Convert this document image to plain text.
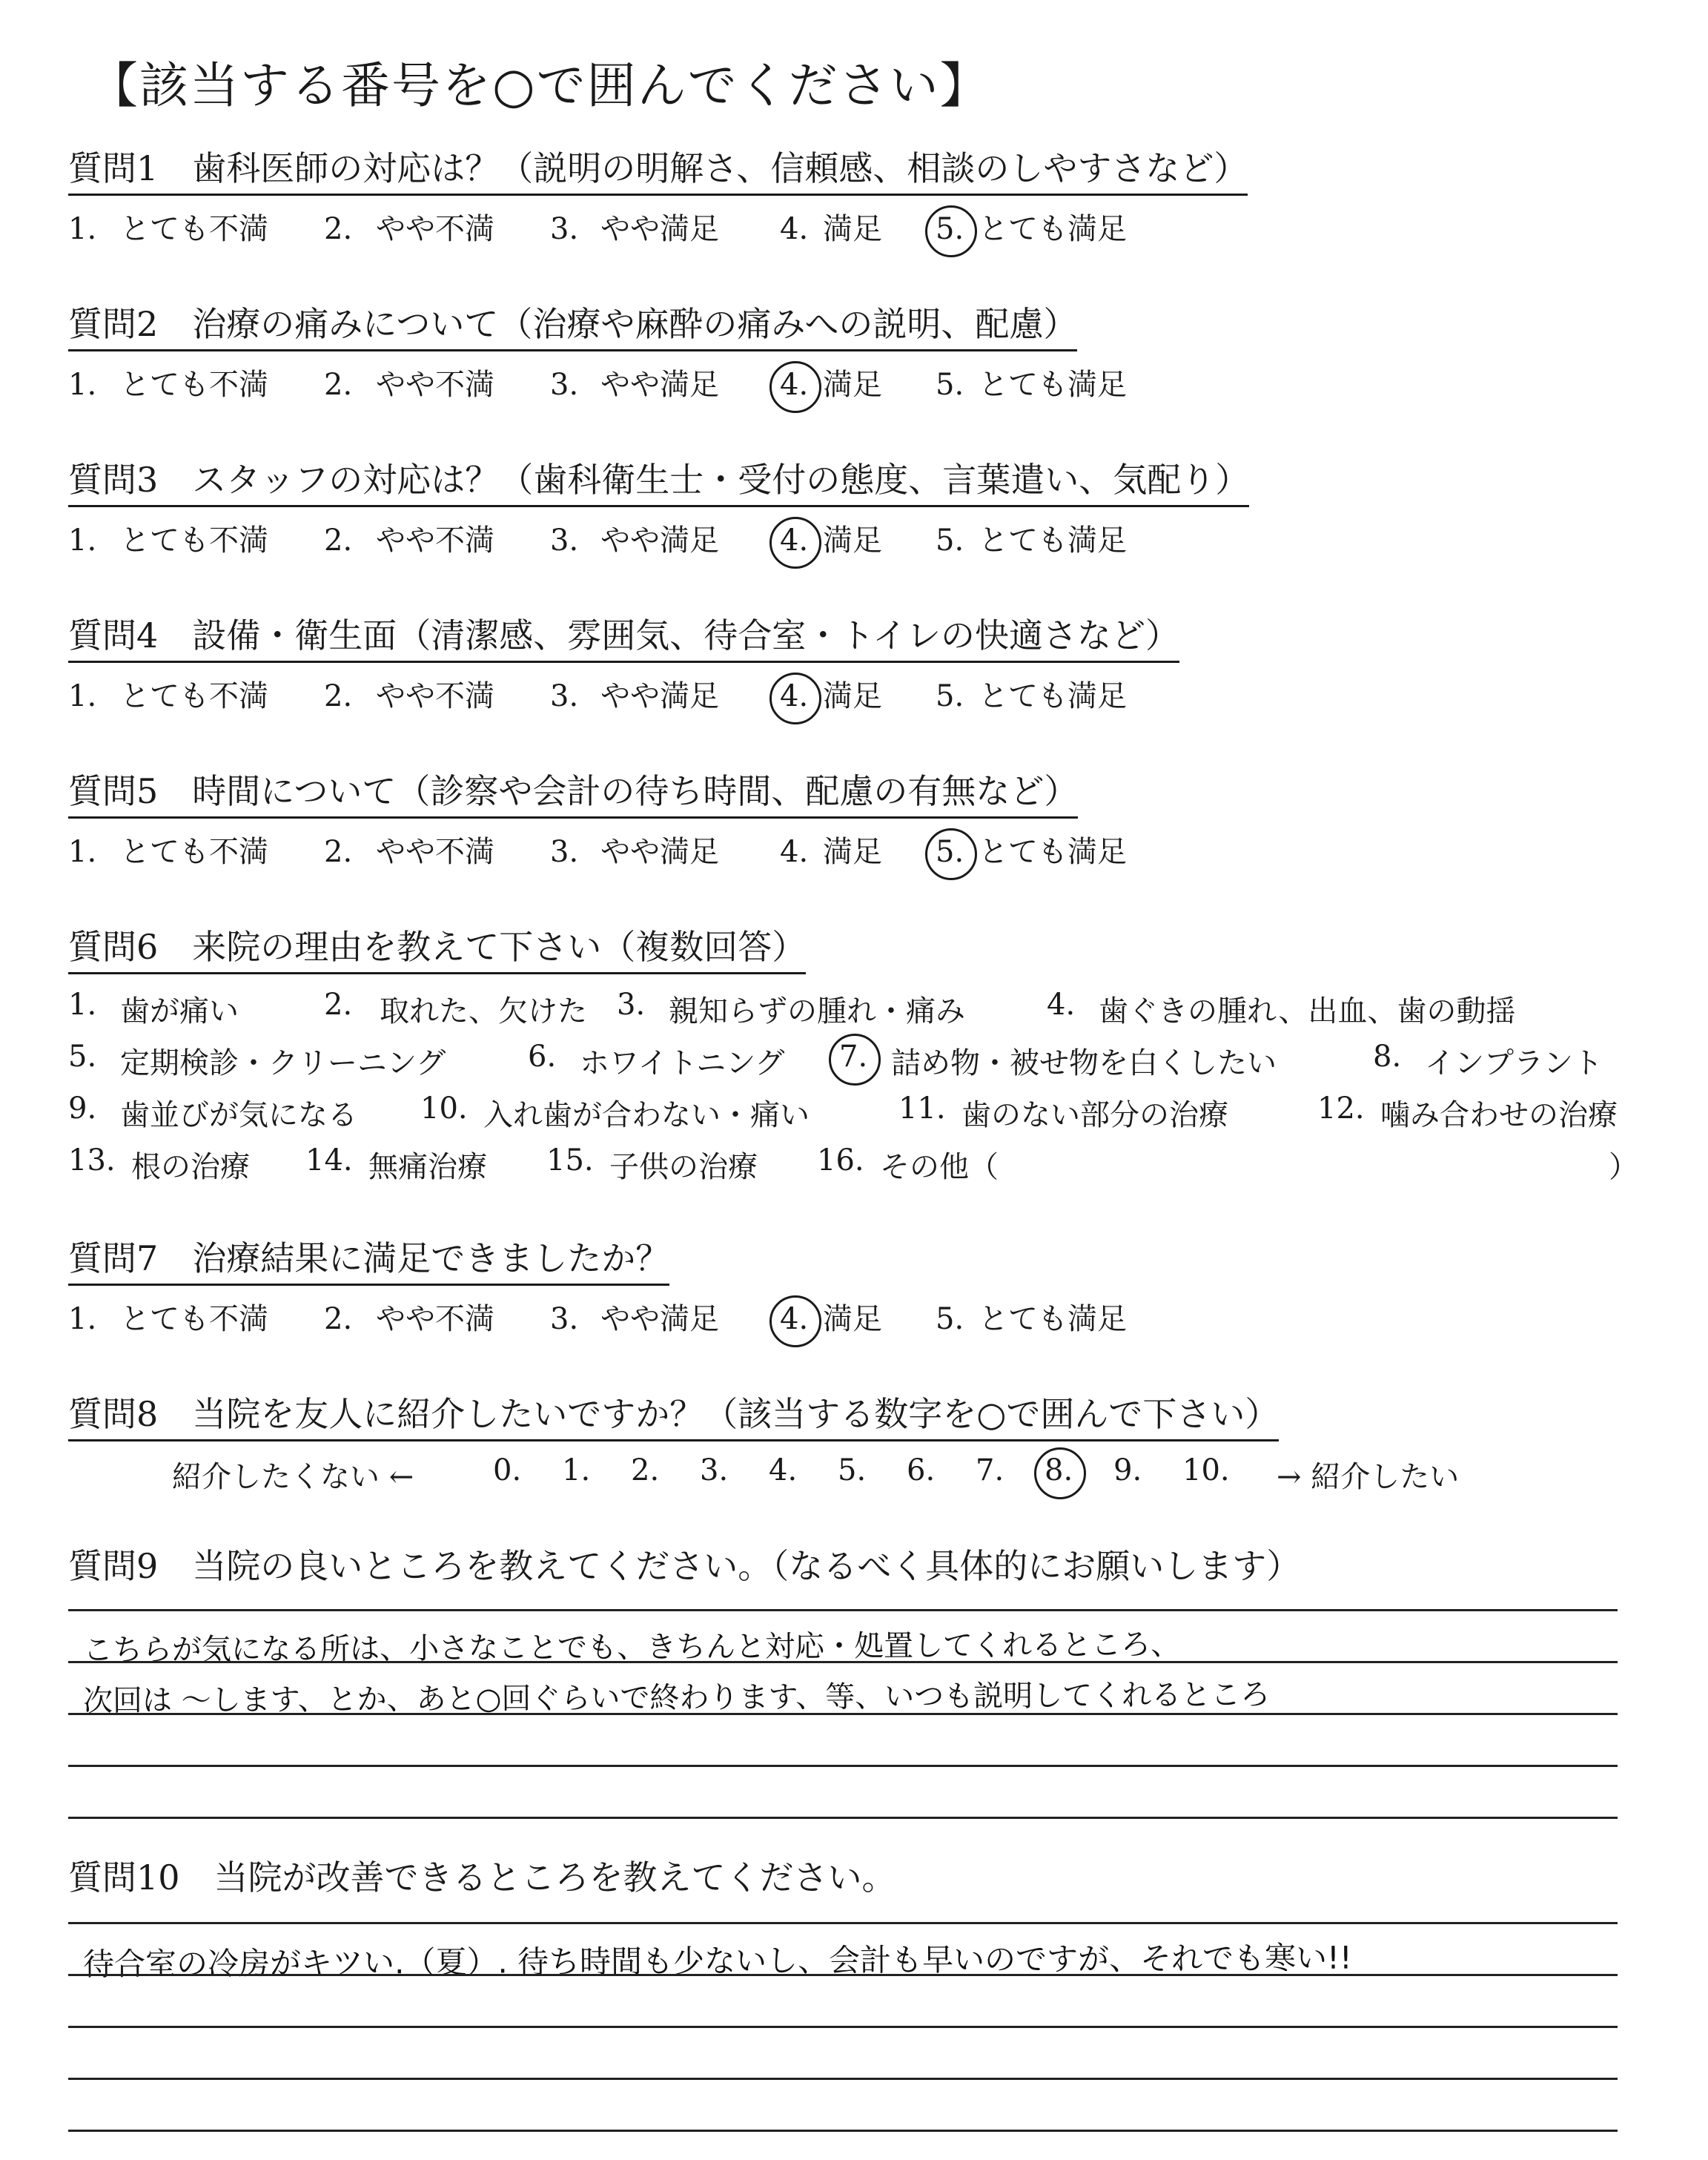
【該当する番号を○で囲んでください】
質問1　歯科医師の対応は？（説明の明解さ、信頼感、相談のしやすさなど）
1. とても不満 2. やや不満 3. やや満足 4. 満足 5. とても満足
質問2　治療の痛みについて（治療や麻酔の痛みへの説明、配慮）
1. とても不満 2. やや不満 3. やや満足 4. 満足 5. とても満足
質問3　スタッフの対応は？（歯科衛生士・受付の態度、言葉遣い、気配り）
1. とても不満 2. やや不満 3. やや満足 4. 満足 5. とても満足
質問4　設備・衛生面（清潔感、雰囲気、待合室・トイレの快適さなど）
1. とても不満 2. やや不満 3. やや満足 4. 満足 5. とても満足
質問5　時間について（診察や会計の待ち時間、配慮の有無など）
1. とても不満 2. やや不満 3. やや満足 4. 満足 5. とても満足
質問6　来院の理由を教えて下さい（複数回答）
1. 歯が痛い	2. 取れた、欠けた 3. 親知らずの腫れ・痛み	4. 歯ぐきの腫れ、出血、歯の動揺
5. 定期検診・クリーニング	6. ホワイトニング 7. 詰め物・被せ物を白くしたい	8. インプラント
9. 歯並びが気になる 10. 入れ歯が合わない・痛い	11. 歯のない部分の治療	12. 噛み合わせの治療
13. 根の治療 14. 無痛治療 15. 子供の治療 16. その他（	）
質問7　治療結果に満足できましたか？
1. とても不満 2. やや不満 3. やや満足 4. 満足 5. とても満足
質問8　当院を友人に紹介したいですか？（該当する数字を○で囲んで下さい）
紹介したくない ←	0. 1. 2. 3. 4. 5. 6. 7. 8. 9. 10. → 紹介したい
質問9　当院の良いところを教えてください。（なるべく具体的にお願いします）
こちらが気になる所は、小さなことでも、きちんと対応・処置してくれるところ、
次回は 〜します、とか、あと○回ぐらいで終わります、等、いつも説明してくれるところ
質問10　当院が改善できるところを教えてください。
待合室の冷房がキツい.（夏）. 待ち時間も少ないし、会計も早いのですが、それでも寒い!!
